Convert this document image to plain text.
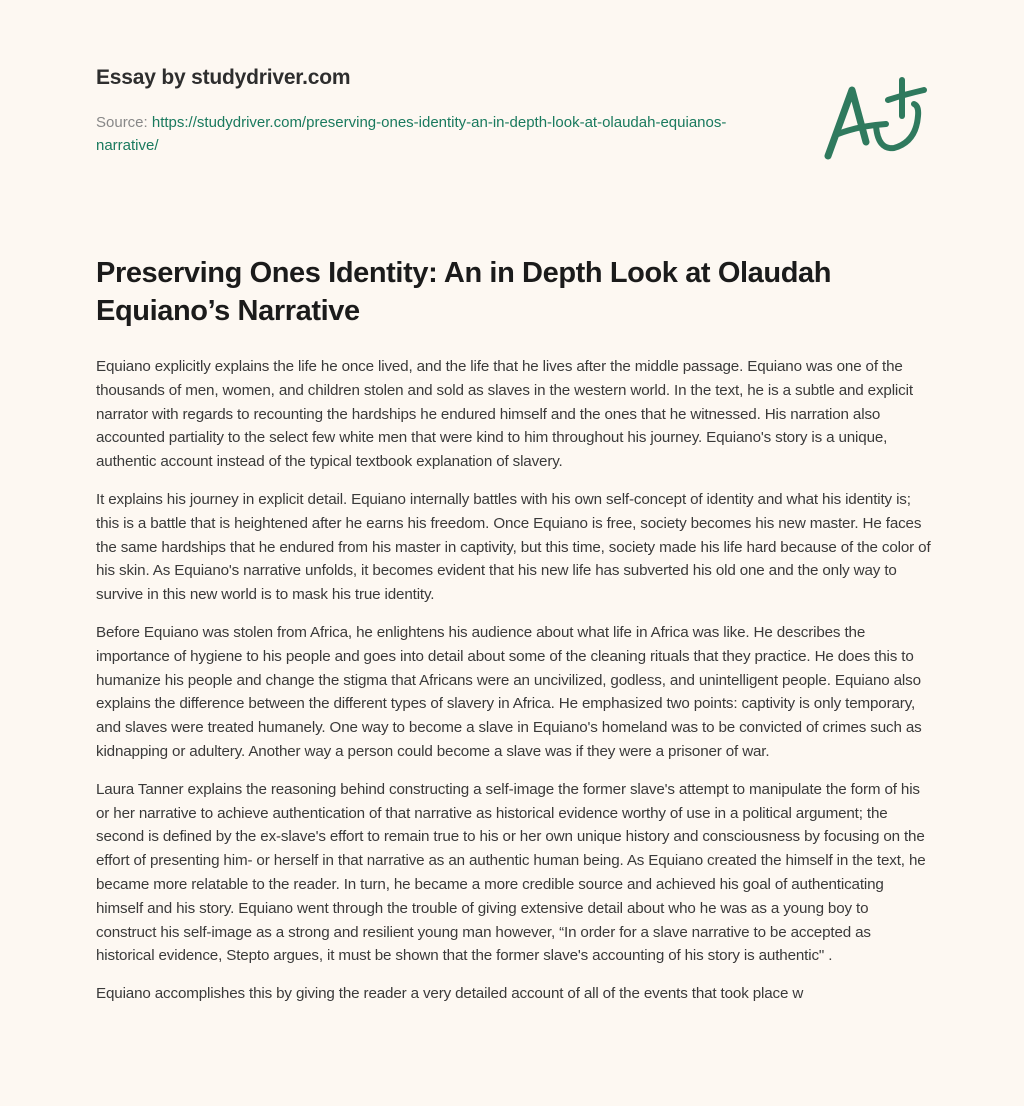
Essay by studydriver.com
Source: https://studydriver.com/preserving-ones-identity-an-in-depth-look-at-olaudah-equianos-narrative/
Preserving Ones Identity: An in Depth Look at Olaudah Equiano’s Narrative

Equiano explicitly explains the life he once lived, and the life that he lives after the middle passage. Equiano was one of the thousands of men, women, and children stolen and sold as slaves in the western world. In the text, he is a subtle and explicit narrator with regards to recounting the hardships he endured himself and the ones that he witnessed. His narration also accounted partiality to the select few white men that were kind to him throughout his journey. Equiano's story is a unique, authentic account instead of the typical textbook explanation of slavery.

It explains his journey in explicit detail. Equiano internally battles with his own self-concept of identity and what his identity is; this is a battle that is heightened after he earns his freedom. Once Equiano is free, society becomes his new master. He faces the same hardships that he endured from his master in captivity, but this time, society made his life hard because of the color of his skin. As Equiano's narrative unfolds, it becomes evident that his new life has subverted his old one and the only way to survive in this new world is to mask his true identity.

Before Equiano was stolen from Africa, he enlightens his audience about what life in Africa was like. He describes the importance of hygiene to his people and goes into detail about some of the cleaning rituals that they practice. He does this to humanize his people and change the stigma that Africans were an uncivilized, godless, and unintelligent people. Equiano also explains the difference between the different types of slavery in Africa. He emphasized two points: captivity is only temporary, and slaves were treated humanely. One way to become a slave in Equiano's homeland was to be convicted of crimes such as kidnapping or adultery. Another way a person could become a slave was if they were a prisoner of war.

Laura Tanner explains the reasoning behind constructing a self-image the former slave's attempt to manipulate the form of his or her narrative to achieve authentication of that narrative as historical evidence worthy of use in a political argument; the second is defined by the ex-slave's effort to remain true to his or her own unique history and consciousness by focusing on the effort of presenting him- or herself in that narrative as an authentic human being. As Equiano created the himself in the text, he became more relatable to the reader. In turn, he became a more credible source and achieved his goal of authenticating himself and his story. Equiano went through the trouble of giving extensive detail about who he was as a young boy to construct his self-image as a strong and resilient young man however, “In order for a slave narrative to be accepted as historical evidence, Stepto argues, it must be shown that the former slave's accounting of his story is authentic" .

Equiano accomplishes this by giving the reader a very detailed account of all of the events that took place w
